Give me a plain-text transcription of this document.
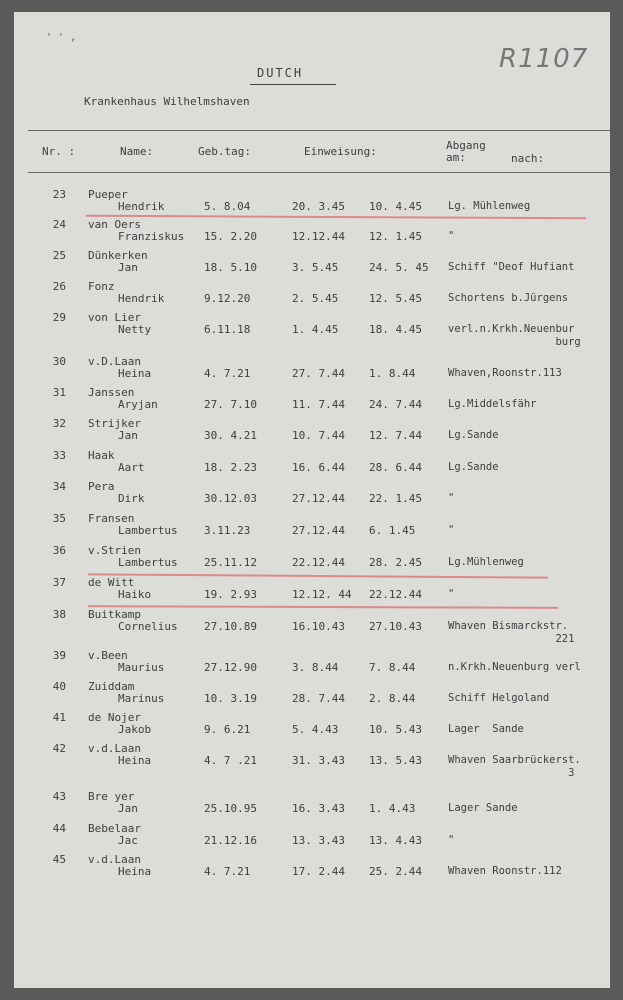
' ' ,
R1107
DUTCH
Krankenhaus Wilhelmshaven
Nr. :	Name:	Geb.tag:	Einweisung:	Abgang
am:	nach:
23 Pueper
Hendrik	5. 8.04	20. 3.45 10. 4.45 Lg. Mühlenweg
24 van Oers
Franziskus 15. 2.20	12.12.44 12. 1.45 "
25 Dünkerken
Jan	18. 5.10	3. 5.45	24. 5. 45 Schiff "Deof Hufiant
26 Fonz
Hendrik	9.12.20	2. 5.45	12. 5.45 Schortens b.Jürgens
29 von Lier
Netty	6.11.18	1. 4.45	18. 4.45 verl.n.Krkh.Neuenbur
burg
30 v.D.Laan
Heina	4. 7.21	27. 7.44 1. 8.44	Whaven,Roonstr.113
31 Janssen
Aryjan	27. 7.10	11. 7.44 24. 7.44 Lg.Middelsfähr
32 Strijker
Jan	30. 4.21	10. 7.44 12. 7.44 Lg.Sande
33 Haak
Aart	18. 2.23	16. 6.44 28. 6.44 Lg.Sande
34 Pera
Dirk	30.12.03	27.12.44 22. 1.45 "
35 Fransen
Lambertus 3.11.23	27.12.44 6. 1.45	"
36 v.Strien
Lambertus 25.11.12	22.12.44 28. 2.45 Lg.Mühlenweg
37 de Witt
Haiko	19. 2.93	12.12. 44 22.12.44 "
38 Buitkamp
Cornelius 27.10.89	16.10.43 27.10.43 Whaven Bismarckstr.
221
39 v.Been
Maurius	27.12.90	3. 8.44	7. 8.44	n.Krkh.Neuenburg verl
40 Zuiddam
Marinus	10. 3.19	28. 7.44 2. 8.44	Schiff Helgoland
41 de Nojer
Jakob	9. 6.21	5. 4.43	10. 5.43 Lager  Sande
42 v.d.Laan
Heina	4. 7 .21	31. 3.43 13. 5.43 Whaven Saarbrückerst.
3
43 Bre yer
Jan	25.10.95	16. 3.43 1. 4.43	Lager Sande
44 Bebelaar
Jac	21.12.16	13. 3.43 13. 4.43 "
45 v.d.Laan
Heina	4. 7.21	17. 2.44 25. 2.44 Whaven Roonstr.112
